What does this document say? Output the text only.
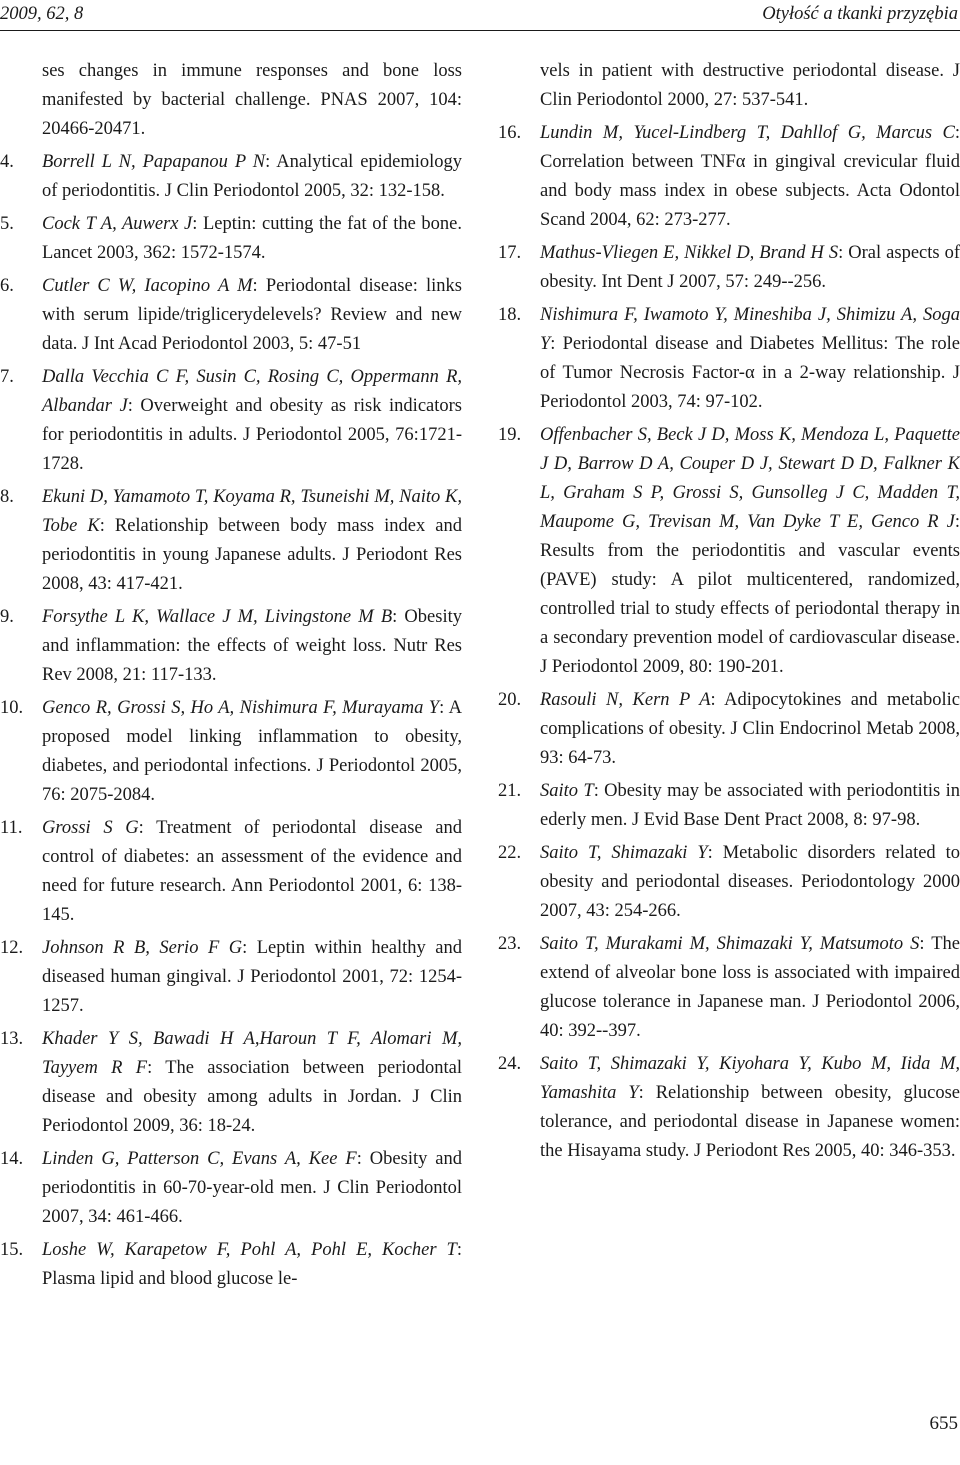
2009, 62, 8	Otyłość a tkanki przyzębia
ses changes in immune responses and bone loss manifested by bacterial challenge. PNAS 2007, 104: 20466-20471.
4. Borrell L N, Papapanou P N: Analytical epidemiology of periodontitis. J Clin Periodontol 2005, 32: 132-158.
5. Cock T A, Auwerx J: Leptin: cutting the fat of the bone. Lancet 2003, 362: 1572-1574.
6. Cutler C W, Iacopino A M: Periodontal disease: links with serum lipide/triglicerydelevels? Review and new data. J Int Acad Periodontol 2003, 5: 47-51
7. Dalla Vecchia C F, Susin C, Rosing C, Oppermann R, Albandar J: Overweight and obesity as risk indicators for periodontitis in adults. J Periodontol 2005, 76:1721-1728.
8. Ekuni D, Yamamoto T, Koyama R, Tsuneishi M, Naito K, Tobe K: Relationship between body mass index and periodontitis in young Japanese adults. J Periodont Res 2008, 43: 417-421.
9. Forsythe L K, Wallace J M, Livingstone M B: Obesity and inflammation: the effects of weight loss. Nutr Res Rev 2008, 21: 117-133.
10. Genco R, Grossi S, Ho A, Nishimura F, Murayama Y: A proposed model linking inflammation to obesity, diabetes, and periodontal infections. J Periodontol 2005, 76: 2075-2084.
11. Grossi S G: Treatment of periodontal disease and control of diabetes: an assessment of the evidence and need for future research. Ann Periodontol 2001, 6: 138-145.
12. Johnson R B, Serio F G: Leptin within healthy and diseased human gingival. J Periodontol 2001, 72: 1254-1257.
13. Khader Y S, Bawadi H A,Haroun T F, Alomari M, Tayyem R F: The association between periodontal disease and obesity among adults in Jordan. J Clin Periodontol 2009, 36: 18-24.
14. Linden G, Patterson C, Evans A, Kee F: Obesity and periodontitis in 60-70-year-old men. J Clin Periodontol 2007, 34: 461-466.
15. Loshe W, Karapetow F, Pohl A, Pohl E, Kocher T: Plasma lipid and blood glucose le-
vels in patient with destructive periodontal disease. J Clin Periodontol 2000, 27: 537-541.
16. Lundin M, Yucel-Lindberg T, Dahllof G, Marcus C: Correlation between TNFα in gingival crevicular fluid and body mass index in obese subjects. Acta Odontol Scand 2004, 62: 273-277.
17. Mathus-Vliegen E, Nikkel D, Brand H S: Oral aspects of obesity. Int Dent J 2007, 57: 249--256.
18. Nishimura F, Iwamoto Y, Mineshiba J, Shimizu A, Soga Y: Periodontal disease and Diabetes Mellitus: The role of Tumor Necrosis Factor-α in a 2-way relationship. J Periodontol 2003, 74: 97-102.
19. Offenbacher S, Beck J D, Moss K, Mendoza L, Paquette J D, Barrow D A, Couper D J, Stewart D D, Falkner K L, Graham S P, Grossi S, Gunsolleg J C, Madden T, Maupome G, Trevisan M, Van Dyke T E, Genco R J: Results from the periodontitis and vascular events (PAVE) study: A pilot multicentered, randomized, controlled trial to study effects of periodontal therapy in a secondary prevention model of cardiovascular disease. J Periodontol 2009, 80: 190-201.
20. Rasouli N, Kern P A: Adipocytokines and metabolic complications of obesity. J Clin Endocrinol Metab 2008, 93: 64-73.
21. Saito T: Obesity may be associated with periodontitis in ederly men. J Evid Base Dent Pract 2008, 8: 97-98.
22. Saito T, Shimazaki Y: Metabolic disorders related to obesity and periodontal diseases. Periodontology 2000 2007, 43: 254-266.
23. Saito T, Murakami M, Shimazaki Y, Matsumoto S: The extend of alveolar bone loss is associated with impaired glucose tolerance in Japanese man. J Periodontol 2006, 40: 392--397.
24. Saito T, Shimazaki Y, Kiyohara Y, Kubo M, Iida M, Yamashita Y: Relationship between obesity, glucose tolerance, and periodontal disease in Japanese women: the Hisayama study. J Periodont Res 2005, 40: 346-353.
655
